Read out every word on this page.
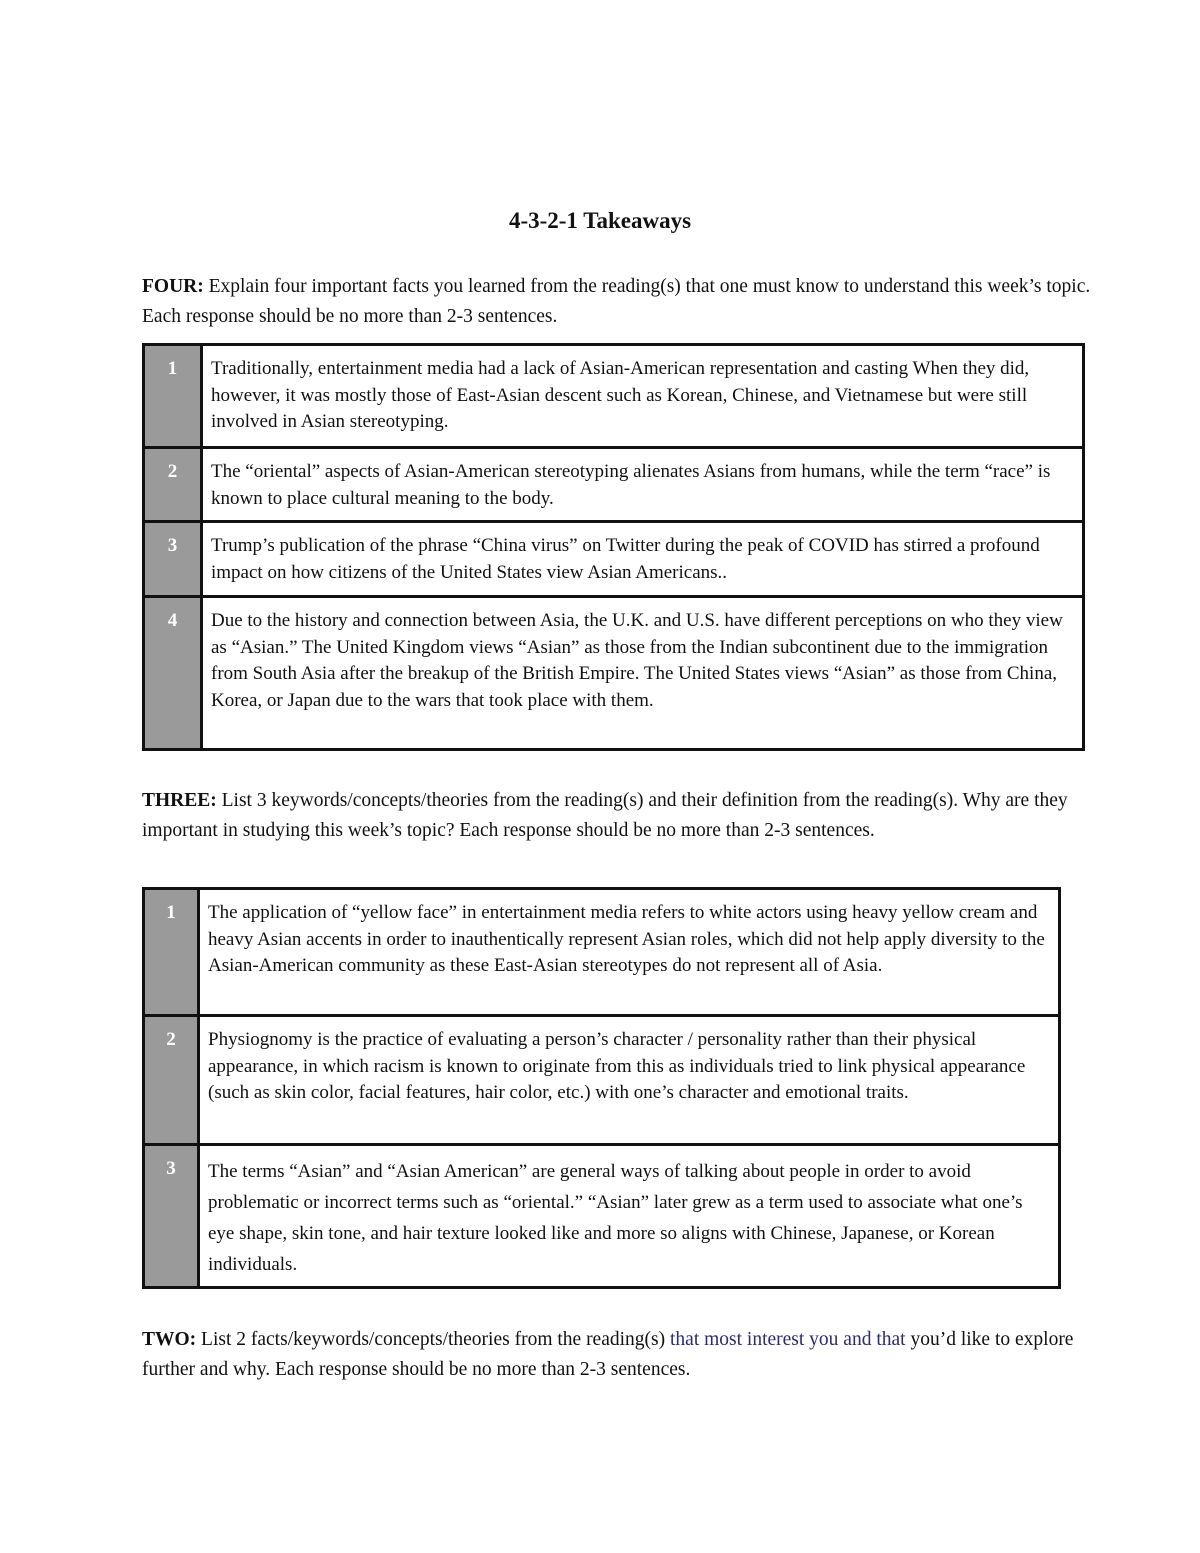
4-3-2-1 Takeaways
FOUR: Explain four important facts you learned from the reading(s) that one must know to understand this week’s topic. Each response should be no more than 2-3 sentences.
1	Traditionally, entertainment media had a lack of Asian-American representation and casting When they did, however, it was mostly those of East-Asian descent such as Korean, Chinese, and Vietnamese but were still involved in Asian stereotyping.
2	The “oriental” aspects of Asian-American stereotyping alienates Asians from humans, while the term “race” is known to place cultural meaning to the body.
3	Trump’s publication of the phrase “China virus” on Twitter during the peak of COVID has stirred a profound impact on how citizens of the United States view Asian Americans..
4	Due to the history and connection between Asia, the U.K. and U.S. have different perceptions on who they view as “Asian.” The United Kingdom views “Asian” as those from the Indian subcontinent due to the immigration from South Asia after the breakup of the British Empire. The United States views “Asian” as those from China, Korea, or Japan due to the wars that took place with them.
THREE: List 3 keywords/concepts/theories from the reading(s) and their definition from the reading(s). Why are they important in studying this week’s topic? Each response should be no more than 2-3 sentences.
1	The application of “yellow face” in entertainment media refers to white actors using heavy yellow cream and heavy Asian accents in order to inauthentically represent Asian roles, which did not help apply diversity to the Asian-American community as these East-Asian stereotypes do not represent all of Asia.
2	Physiognomy is the practice of evaluating a person’s character / personality rather than their physical appearance, in which racism is known to originate from this as individuals tried to link physical appearance (such as skin color, facial features, hair color, etc.) with one’s character and emotional traits.
3	The terms “Asian” and “Asian American” are general ways of talking about people in order to avoid problematic or incorrect terms such as “oriental.” “Asian” later grew as a term used to associate what one’s eye shape, skin tone, and hair texture looked like and more so aligns with Chinese, Japanese, or Korean individuals.
TWO: List 2 facts/keywords/concepts/theories from the reading(s) that most interest you and that you’d like to explore further and why. Each response should be no more than 2-3 sentences.
